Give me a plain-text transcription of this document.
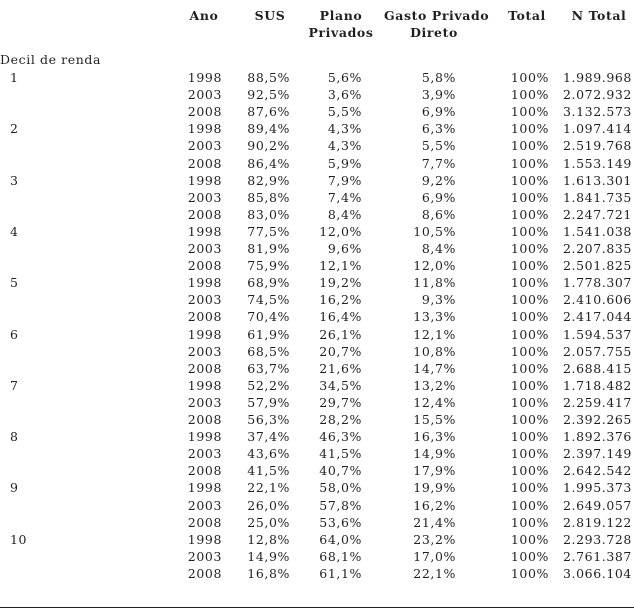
Ano	SUS	Plano
Privados
Gasto Privado
Direto
Total	N Total
Decil de renda
1	1998 88,5%	5,6%	5,8%	100% 1.989.968
2003 92,5%	3,6%	3,9%	100% 2.072.932
2008 87,6%	5,5%	6,9%	100% 3.132.573
2	1998 89,4%	4,3%	6,3%	100% 1.097.414
2003 90,2%	4,3%	5,5%	100% 2.519.768
2008 86,4%	5,9%	7,7%	100% 1.553.149
3	1998 82,9%	7,9%	9,2%	100% 1.613.301
2003 85,8%	7,4%	6,9%	100% 1.841.735
2008 83,0%	8,4%	8,6%	100% 2.247.721
4	1998 77,5% 12,0%	10,5%	100% 1.541.038
2003 81,9%	9,6%	8,4%	100% 2.207.835
2008 75,9% 12,1%	12,0%	100% 2.501.825
5	1998 68,9% 19,2%	11,8%	100% 1.778.307
2003 74,5% 16,2%	9,3%	100% 2.410.606
2008 70,4% 16,4%	13,3%	100% 2.417.044
6	1998 61,9% 26,1%	12,1%	100% 1.594.537
2003 68,5% 20,7%	10,8%	100% 2.057.755
2008 63,7% 21,6%	14,7%	100% 2.688.415
7	1998 52,2% 34,5%	13,2%	100% 1.718.482
2003 57,9% 29,7%	12,4%	100% 2.259.417
2008 56,3% 28,2%	15,5%	100% 2.392.265
8	1998 37,4% 46,3%	16,3%	100% 1.892.376
2003 43,6% 41,5%	14,9%	100% 2.397.149
2008 41,5% 40,7%	17,9%	100% 2.642.542
9	1998 22,1% 58,0%	19,9%	100% 1.995.373
2003 26,0% 57,8%	16,2%	100% 2.649.057
2008 25,0% 53,6%	21,4%	100% 2.819.122
10	1998 12,8% 64,0%	23,2%	100% 2.293.728
2003 14,9% 68,1%	17,0%	100% 2.761.387
2008 16,8% 61,1%	22,1%	100% 3.066.104
